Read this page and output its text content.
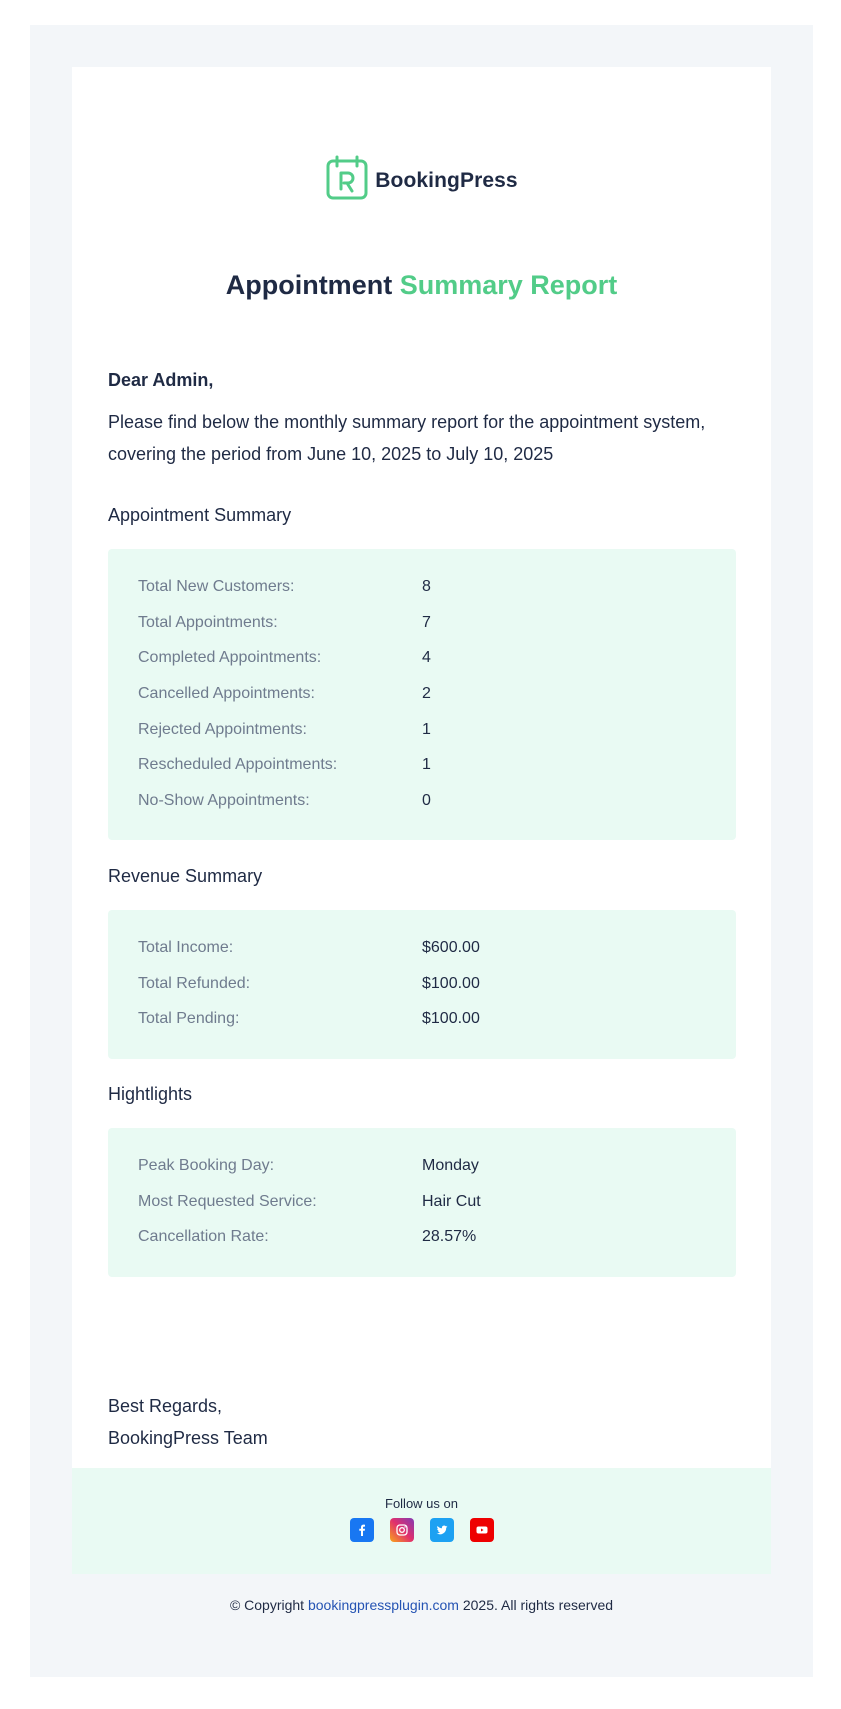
BookingPress
Appointment Summary Report
Dear Admin,
Please find below the monthly summary report for the appointment system, covering the period from June 10, 2025 to July 10, 2025
Appointment Summary
Total New Customers:	8
Total Appointments:	7
Completed Appointments:	4
Cancelled Appointments:	2
Rejected Appointments:	1
Rescheduled Appointments:	1
No-Show Appointments:	0
Revenue Summary
Total Income:	$600.00
Total Refunded:	$100.00
Total Pending:	$100.00
Hightlights
Peak Booking Day:	Monday
Most Requested Service:	Hair Cut
Cancellation Rate:	28.57%
Best Regards,
BookingPress Team
Follow us on
© Copyright bookingpressplugin.com 2025. All rights reserved
